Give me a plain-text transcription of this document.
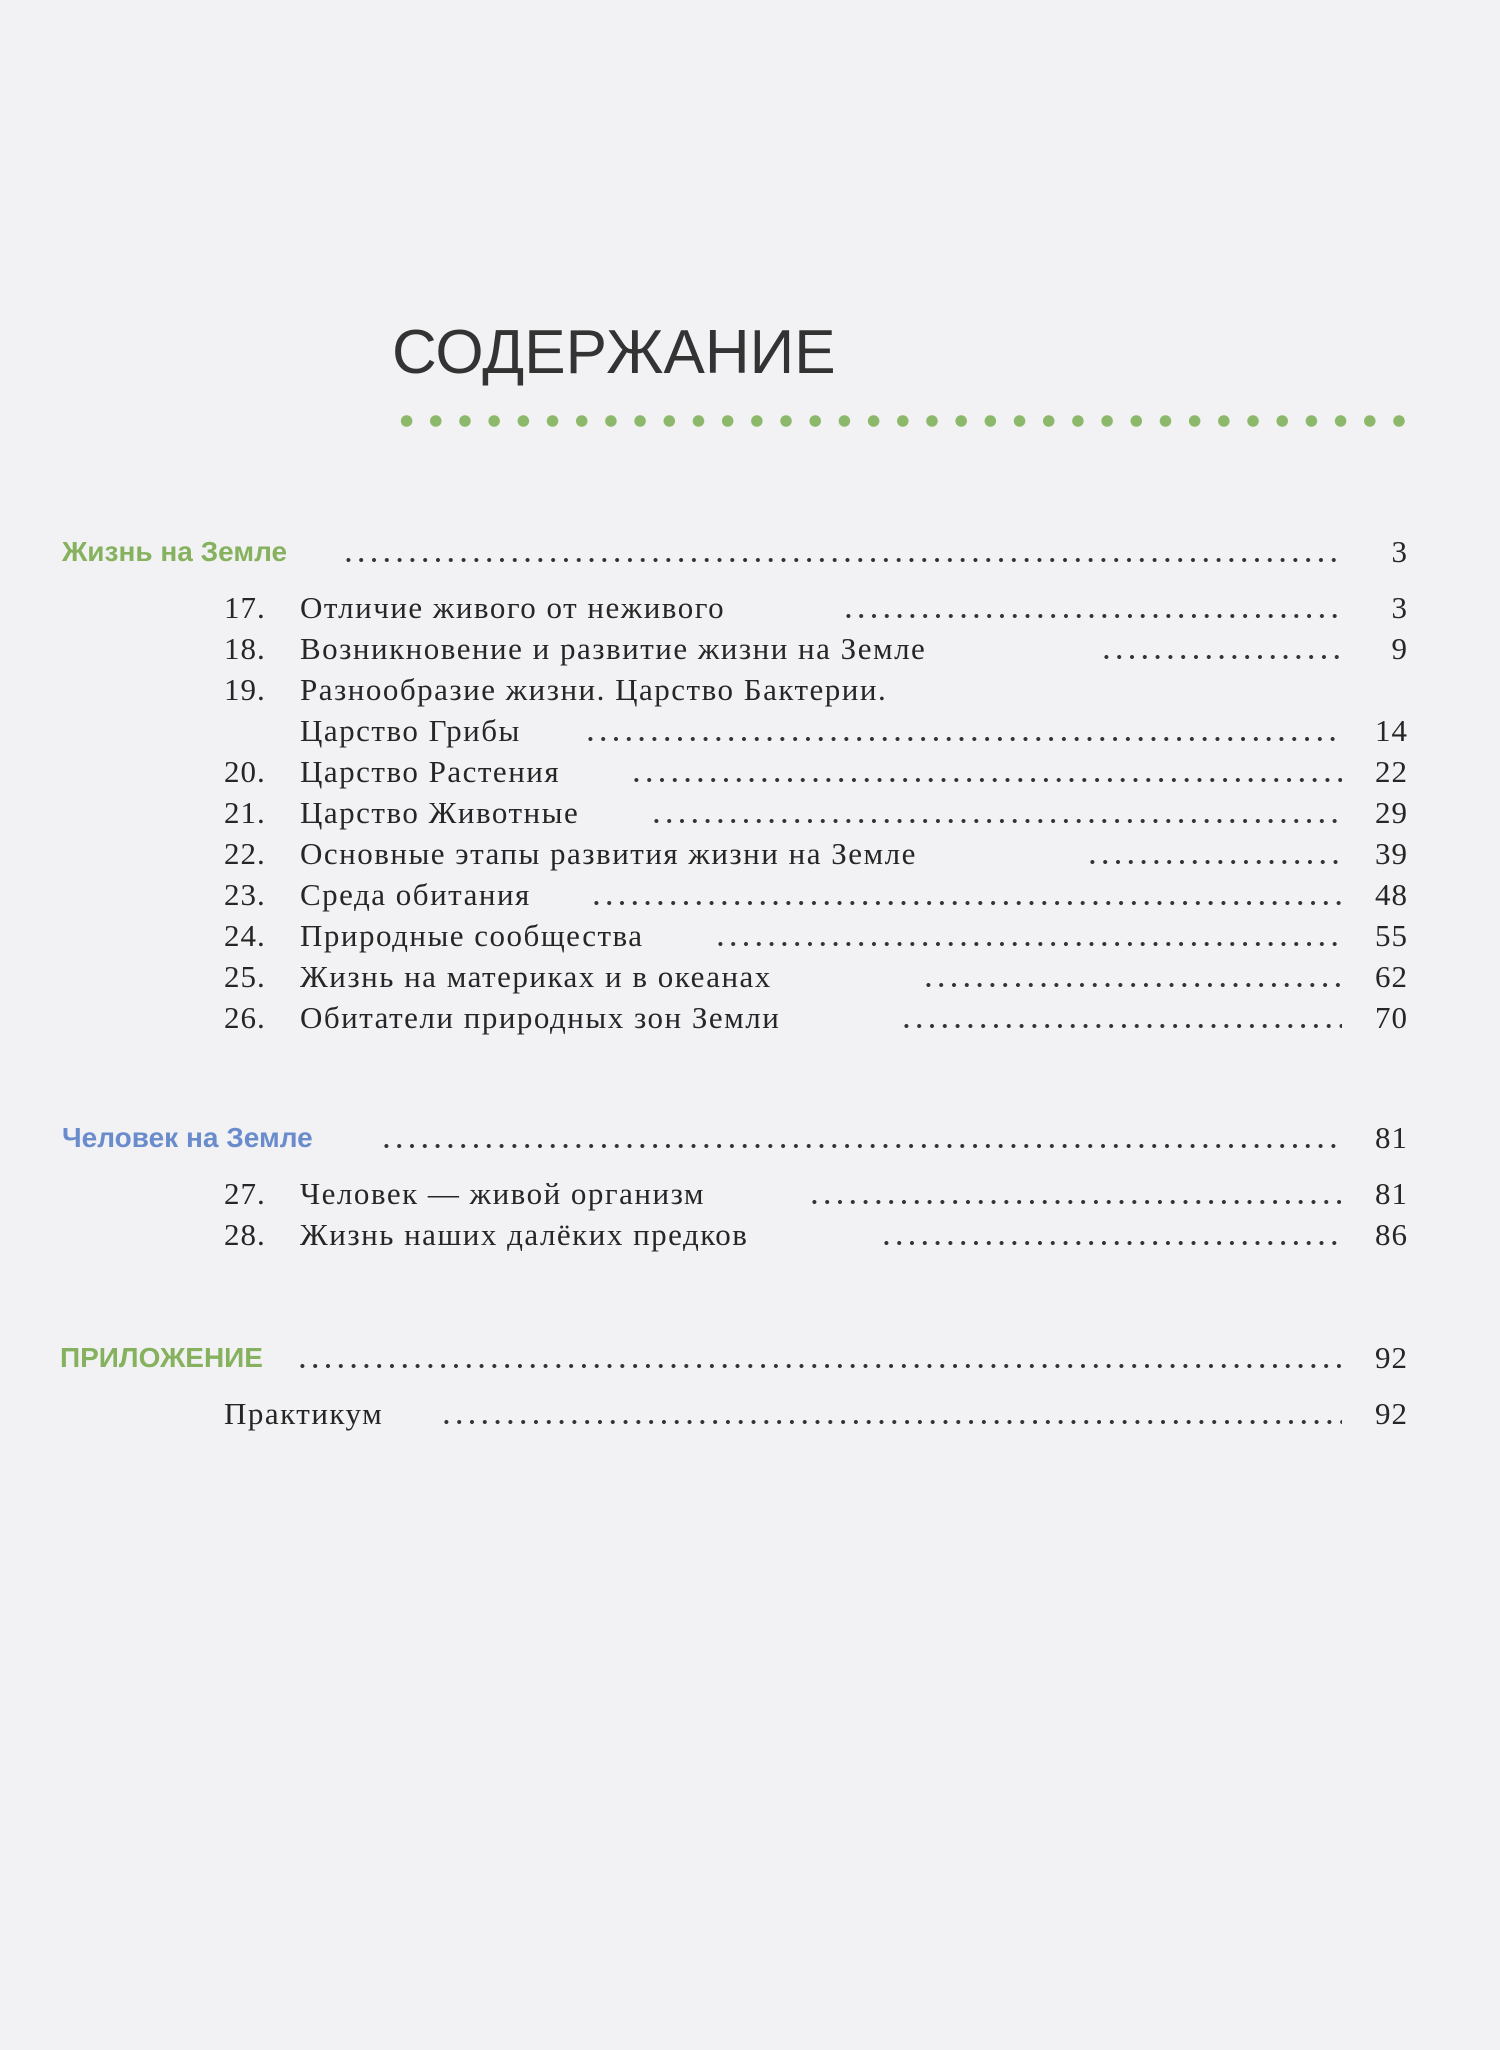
СОДЕРЖАНИЕ
Жизнь на Земле	3
17. Отличие живого от неживого	3
18. Возникновение и развитие жизни на Земле	9
19. Разнообразие жизни. Царство Бактерии.
Царство Грибы	14
20. Царство Растения	22
21. Царство Животные	29
22. Основные этапы развития жизни на Земле	39
23. Среда обитания	48
24. Природные сообщества	55
25. Жизнь на материках и в океанах	62
26. Обитатели природных зон Земли	70
Человек на Земле	81
27. Человек — живой организм	81
28. Жизнь наших далёких предков	86
ПРИЛОЖЕНИЕ	92
Практикум	92
